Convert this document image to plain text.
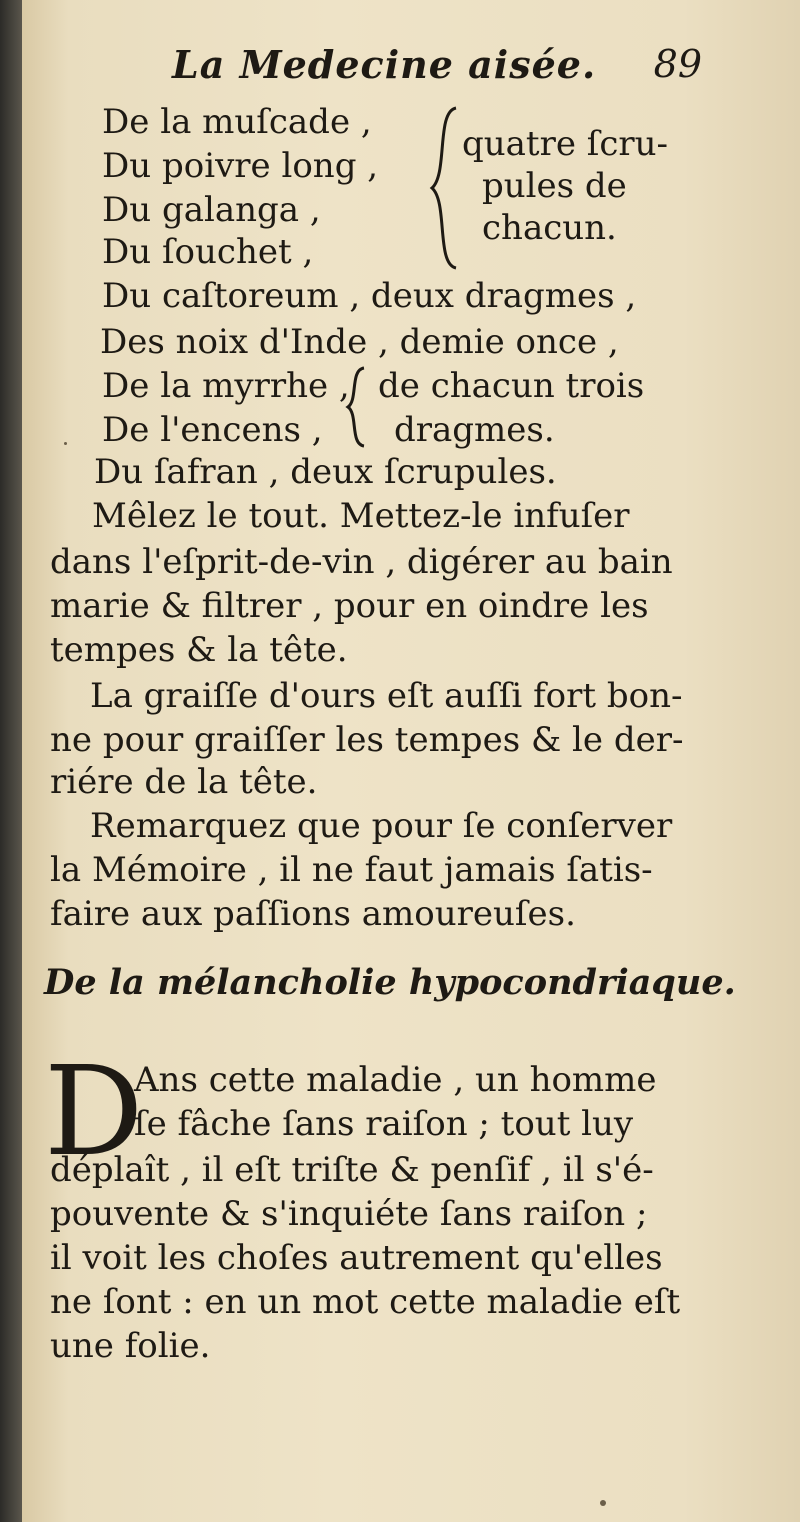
La Medecine aisée. 89
De la muſcade ,
Du poivre long ,
Du galanga ,
Du ſouchet ,
quatre ſcru-
pules de
chacun.
Du caſtoreum , deux dragmes ,
Des noix d'Inde , demie once ,
De la myrrhe ,
De l'encens ,
de chacun trois
dragmes.
Du ſafran , deux ſcrupules.
Mêlez le tout. Mettez-le infuſer
dans l'eſprit-de-vin , digérer au bain
marie & filtrer , pour en oindre les
tempes & la tête.
La graiſſe d'ours eſt auſſi fort bon-
ne pour graiſſer les tempes & le der-
riére de la tête.
Remarquez que pour ſe conſerver
la Mémoire , il ne faut jamais ſatis-
faire aux paſſions amoureuſes.
De la mélancholie hypocondriaque.
D
Ans cette maladie , un homme
ſe fâche ſans raiſon ; tout luy
déplaît , il eſt triſte & penſif , il s'é-
pouvente & s'inquiéte ſans raiſon ;
il voit les choſes autrement qu'elles
ne ſont : en un mot cette maladie eſt
une folie.
